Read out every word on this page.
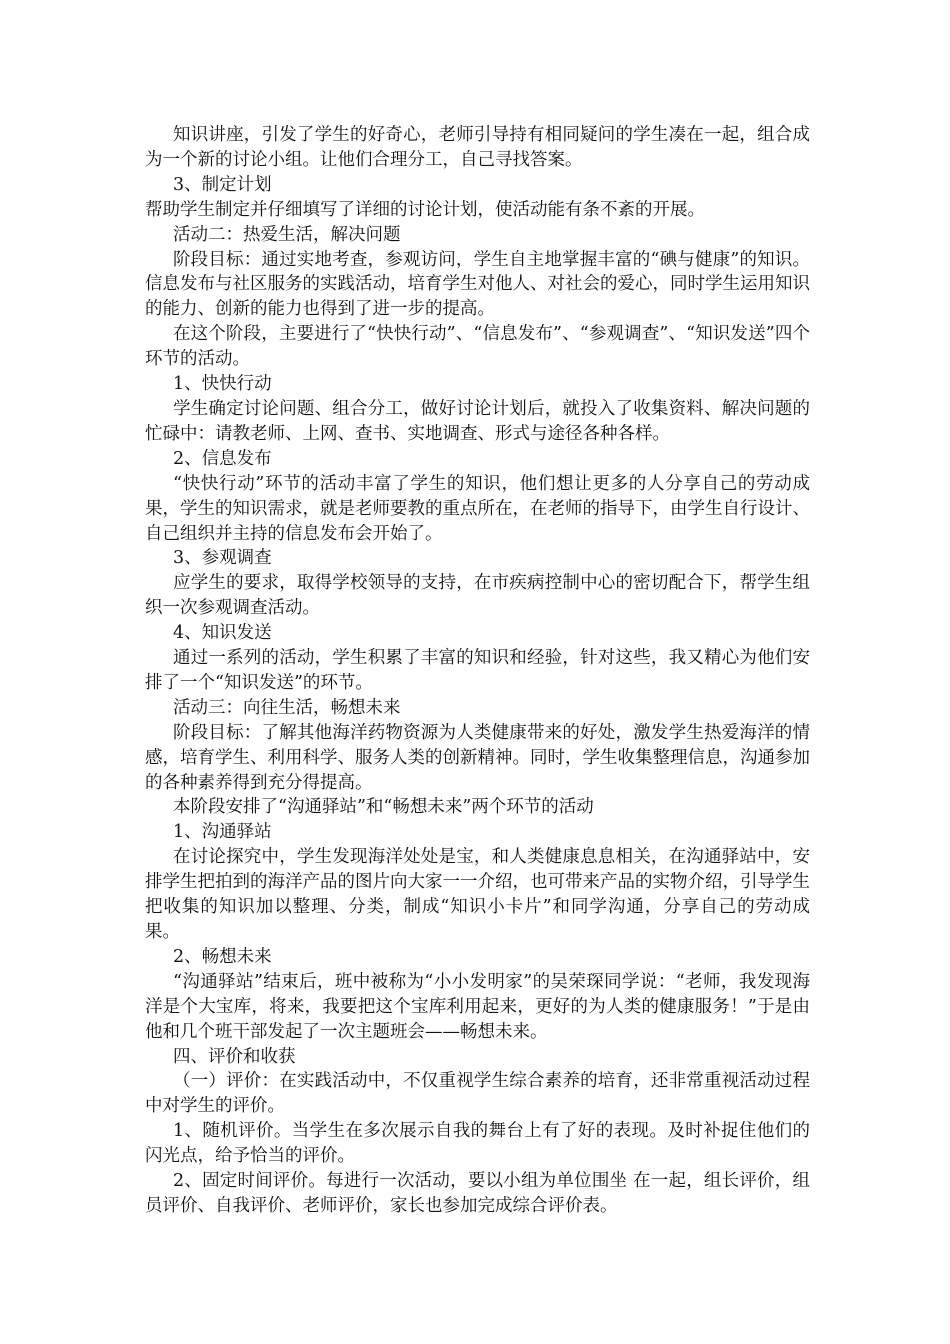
知识讲座，引发了学生的好奇心，老师引导持有相同疑问的学生凑在一起，组合成为一个新的讨论小组。让他们合理分工，自己寻找答案。

3、制定计划

帮助学生制定并仔细填写了详细的讨论计划，使活动能有条不紊的开展。

活动二：热爱生活，解决问题

阶段目标：通过实地考查，参观访问，学生自主地掌握丰富的“碘与健康”的知识。信息发布与社区服务的实践活动，培育学生对他人、对社会的爱心，同时学生运用知识的能力、创新的能力也得到了进一步的提高。

在这个阶段，主要进行了“快快行动”、“信息发布”、“参观调查”、“知识发送”四个环节的活动。

1、快快行动

学生确定讨论问题、组合分工，做好讨论计划后，就投入了收集资料、解决问题的忙碌中：请教老师、上网、查书、实地调查、形式与途径各种各样。

2、信息发布

“快快行动”环节的活动丰富了学生的知识，他们想让更多的人分享自己的劳动成果，学生的知识需求，就是老师要教的重点所在，在老师的指导下，由学生自行设计、自己组织并主持的信息发布会开始了。

3、参观调查

应学生的要求，取得学校领导的支持，在市疾病控制中心的密切配合下，帮学生组织一次参观调查活动。

4、知识发送

通过一系列的活动，学生积累了丰富的知识和经验，针对这些，我又精心为他们安排了一个“知识发送”的环节。

活动三：向往生活，畅想未来

阶段目标：了解其他海洋药物资源为人类健康带来的好处，激发学生热爱海洋的情感，培育学生、利用科学、服务人类的创新精神。同时，学生收集整理信息，沟通参加的各种素养得到充分得提高。

本阶段安排了“沟通驿站”和“畅想未来”两个环节的活动

1、沟通驿站

在讨论探究中，学生发现海洋处处是宝，和人类健康息息相关，在沟通驿站中，安排学生把拍到的海洋产品的图片向大家一一介绍，也可带来产品的实物介绍，引导学生把收集的知识加以整理、分类，制成“知识小卡片”和同学沟通，分享自己的劳动成果。

2、畅想未来

“沟通驿站”结束后，班中被称为“小小发明家”的吴荣琛同学说：“老师，我发现海洋是个大宝库，将来，我要把这个宝库利用起来，更好的为人类的健康服务！”于是由他和几个班干部发起了一次主题班会——畅想未来。

四、评价和收获

（一）评价：在实践活动中，不仅重视学生综合素养的培育，还非常重视活动过程中对学生的评价。

1、随机评价。当学生在多次展示自我的舞台上有了好的表现。及时补捉住他们的闪光点，给予恰当的评价。

2、固定时间评价。每进行一次活动，要以小组为单位围坐 在一起，组长评价，组员评价、自我评价、老师评价，家长也参加完成综合评价表。
